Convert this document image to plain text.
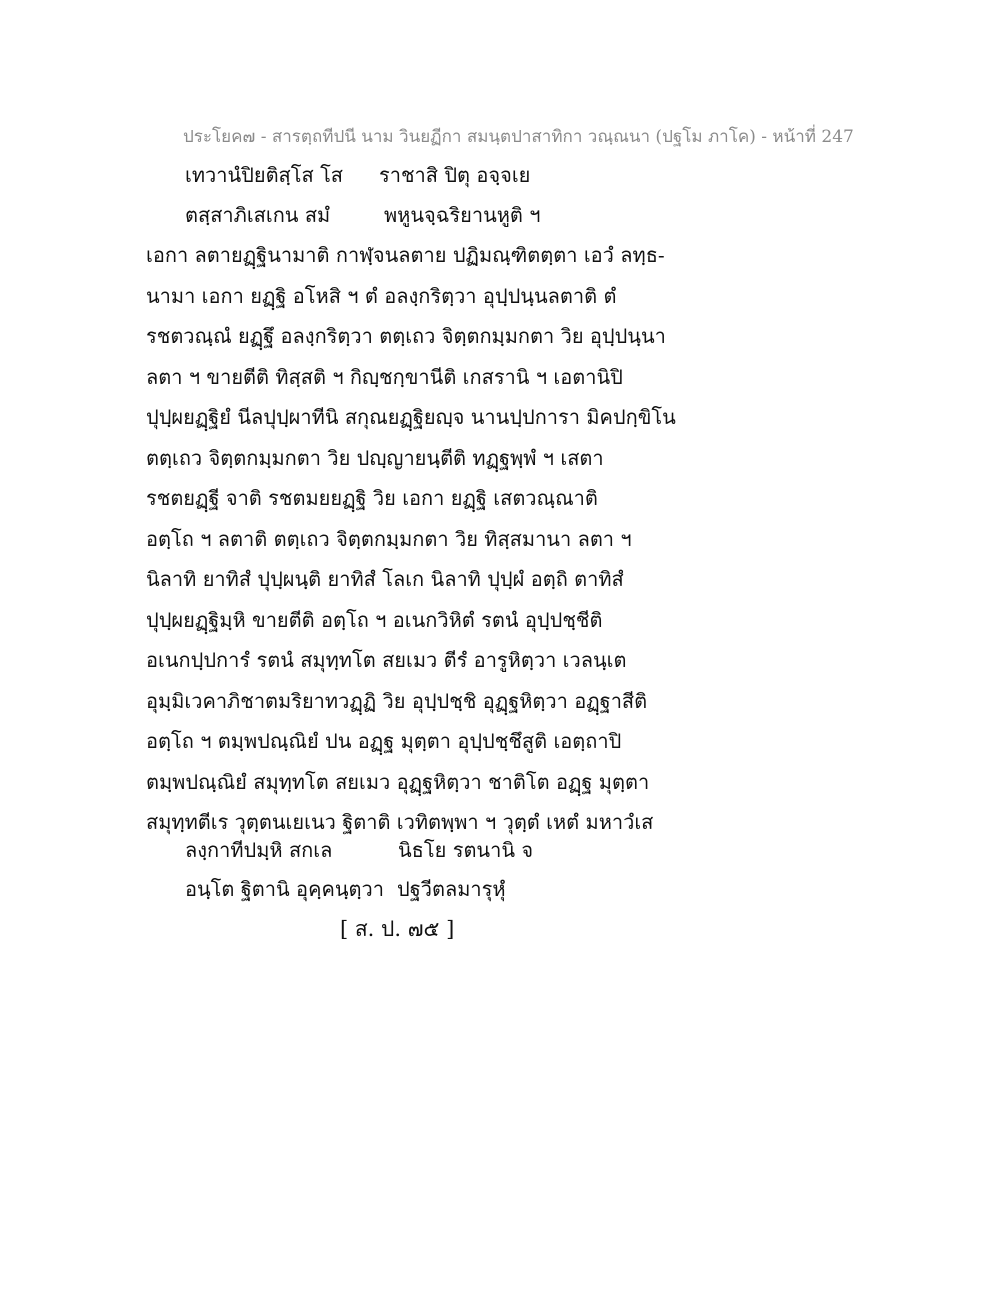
ประโยค๗ - สารตฺถทีปนี นาม วินยฏีกา สมนฺตปาสาทิกา วณฺณนา (ปฐโม ภาโค) - หน้าที่ 247
เทวานํปิยติสฺโส โส ราชาสิ ปิตุ อจฺจเย
ตสฺสาภิเสเกน สมํ	พหูนจฺฉริยานหูติ ฯ
เอกา ลตายฏฺฐินามาติ กาฬฺจนลตาย ปฏิมณฺฑิตตฺตา เอวํ ลทฺธ-
นามา เอกา ยฏฺฐิ อโหสิ ฯ ตํ อลงฺกริตฺวา อุปฺปนฺนลตาติ ตํ
รชตวณฺณํ ยฏฺฐึ อลงฺกริตฺวา ตตฺเถว จิตฺตกมฺมกตา วิย อุปฺปนฺนา
ลตา ฯ ขายตีติ ทิสฺสติ ฯ กิญฺชกฺขานีติ เกสรานิ ฯ เอตานิปิ
ปุปฺผยฏฺฐิยํ นีลปุปฺผาทีนิ สกุณยฏฺฐิยญฺจ นานปฺปการา มิคปกฺขิโน
ตตฺเถว จิตฺตกมฺมกตา วิย ปญฺญายนฺตีติ ทฏฺฐพฺพํ ฯ เสตา
รชตยฏฺฐี จาติ รชตมยยฏฺฐิ วิย เอกา ยฏฺฐิ เสตวณฺณาติ
อตฺโถ ฯ ลตาติ ตตฺเถว จิตฺตกมฺมกตา วิย ทิสฺสมานา ลตา ฯ
นิลาทิ ยาทิสํ ปุปฺผนฺติ ยาทิสํ โลเก นิลาทิ ปุปฺผํ อตฺถิ ตาทิสํ
ปุปฺผยฏฺฐิมฺหิ ขายตีติ อตฺโถ ฯ อเนกวิหิตํ รตนํ อุปฺปชฺชีติ
อเนกปฺปการํ รตนํ สมุทฺทโต สยเมว ตีรํ อารูหิตฺวา เวลนฺเต
อุมฺมิเวคาภิชาตมริยาทวฏฺฏิ วิย อุปฺปชฺชิ อุฏฺฐหิตฺวา อฏฺฐาสีติ
อตฺโถ ฯ ตมฺพปณฺณิยํ ปน อฏฺฐ มุตฺตา อุปฺปชฺชึสูติ เอตฺถาปิ
ตมฺพปณฺณิยํ สมุทฺทโต สยเมว อุฏฺฐหิตฺวา ชาติโต อฏฺฐ มุตฺตา
สมุทฺทตีเร วุตฺตนเยเนว ฐิตาติ เวทิตพฺพา ฯ วุตฺตํ เหตํ มหาวํเส
ลงฺกาทีปมฺหิ สกเล	นิธโย รตนานิ จ
อนฺโต ฐิตานิ อุคฺคนฺตฺวา ปฐวีตลมารุหุํ
[ ส. ป. ๗๕ ]
